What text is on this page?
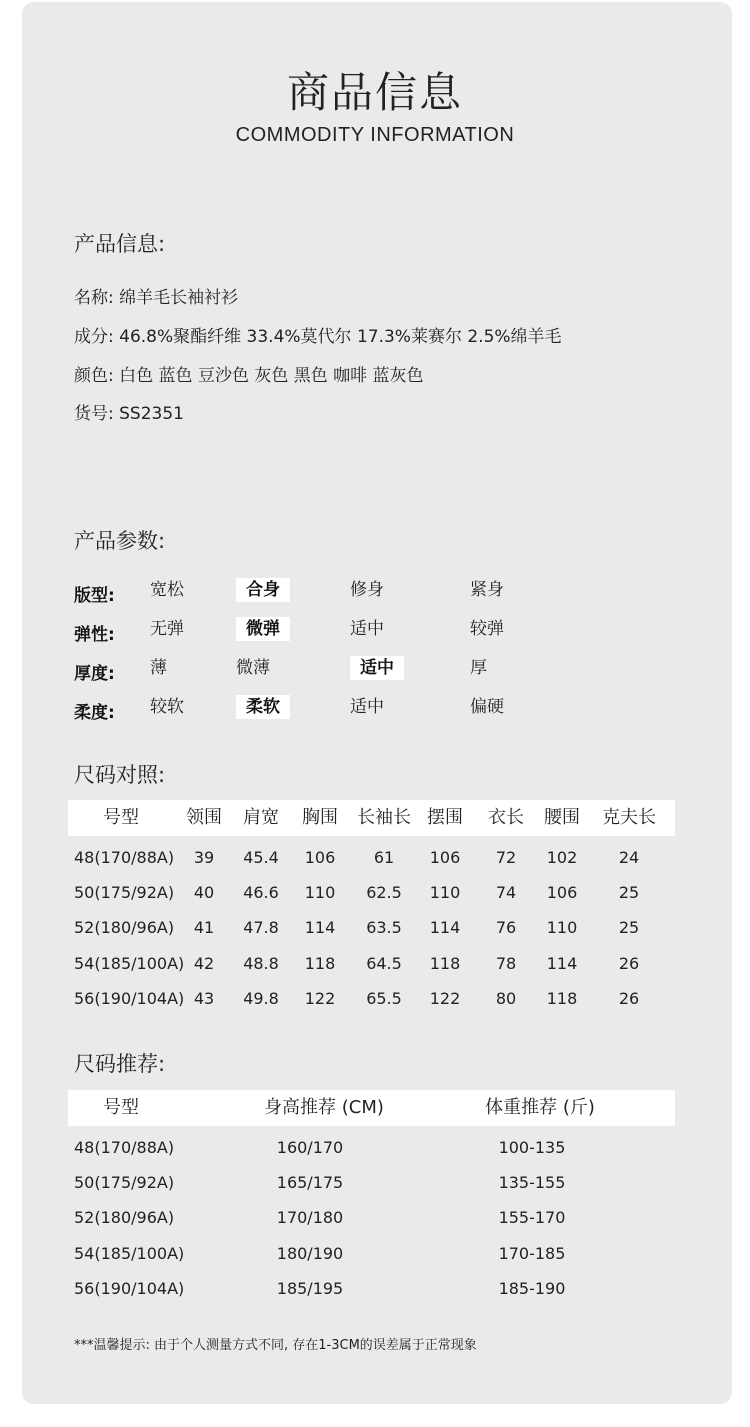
商品信息
COMMODITY INFORMATION
产品信息:
名称: 绵羊毛长袖衬衫
成分: 46.8%聚酯纤维 33.4%莫代尔 17.3%莱赛尔 2.5%绵羊毛
颜色: 白色 蓝色 豆沙色 灰色 黑色 咖啡 蓝灰色
货号: SS2351
产品参数:
版型: 宽松	合身	修身	紧身
弹性: 无弹	微弹	适中	较弹
厚度: 薄	微薄	适中	厚
柔度: 较软	柔软	适中	偏硬
尺码对照:
号型	领围	肩宽	胸围	长袖长 摆围	衣长	腰围	克夫长
48(170/88A)	39	45.4	106	61	106	72	102	24
50(175/92A)	40	46.6	110	62.5	110	74	106	25
52(180/96A)	41	47.8	114	63.5	114	76	110	25
54(185/100A) 42	48.8	118	64.5	118	78	114	26
56(190/104A) 43	49.8	122	65.5	122	80	118	26
尺码推荐:
号型	身高推荐 (CM)	体重推荐 (斤)
48(170/88A)	160/170	100-135
50(175/92A)	165/175	135-155
52(180/96A)	170/180	155-170
54(185/100A)	180/190	170-185
56(190/104A)	185/195	185-190
***温馨提示: 由于个人测量方式不同, 存在1-3CM的误差属于正常现象
